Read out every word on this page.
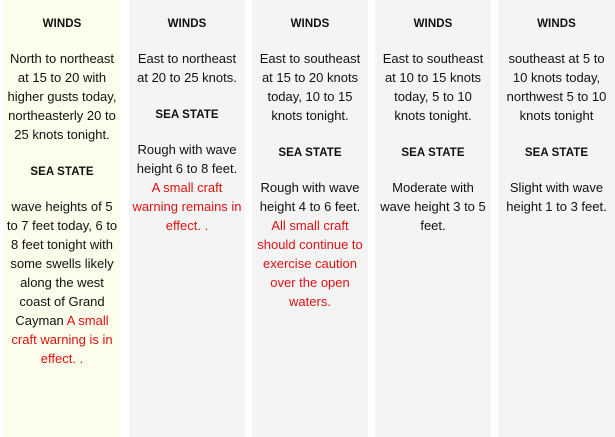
WINDS
North to northeast at 15 to 20 with higher gusts today, northeasterly 20 to 25 knots tonight.
SEA STATE
wave heights of 5 to 7 feet today, 6 to 8 feet tonight with some swells likely along the west coast of Grand Cayman A small craft warning is in effect. .
WINDS
East to northeast at 20 to 25 knots.
SEA STATE
Rough with wave height 6 to 8 feet. A small craft warning remains in effect. .
WINDS
East to southeast at 15 to 20 knots today, 10 to 15 knots tonight.
SEA STATE
Rough with wave height 4 to 6 feet. All small craft should continue to exercise caution over the open waters.
WINDS
East to southeast at 10 to 15 knots today, 5 to 10 knots tonight.
SEA STATE
Moderate with wave height 3 to 5 feet.
WINDS
southeast at 5 to 10 knots today, northwest 5 to 10 knots tonight
SEA STATE
Slight with wave height 1 to 3 feet.
